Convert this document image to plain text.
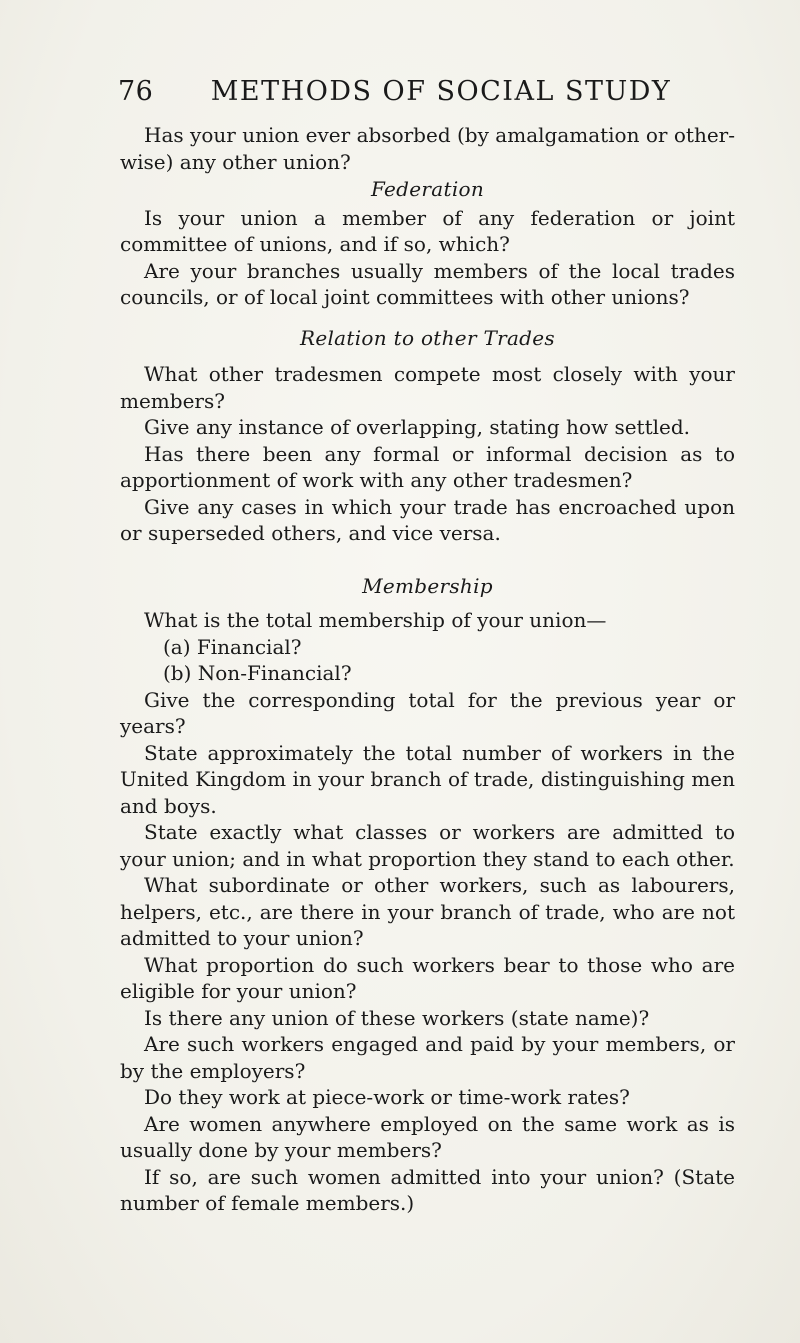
76	METHODS OF SOCIAL STUDY

Has your union ever absorbed (by amalgamation or otherwise) any other union?

Federation

Is your union a member of any federation or joint committee of unions, and if so, which?

Are your branches usually members of the local trades councils, or of local joint committees with other unions?

Relation to other Trades

What other tradesmen compete most closely with your members?

Give any instance of overlapping, stating how settled.

Has there been any formal or informal decision as to apportionment of work with any other tradesmen?

Give any cases in which your trade has encroached upon or superseded others, and vice versa.

Membership

What is the total membership of your union—

(a) Financial?

(b) Non-Financial?

Give the corresponding total for the previous year or years?

State approximately the total number of workers in the United Kingdom in your branch of trade, distinguishing men and boys.

State exactly what classes or workers are admitted to your union; and in what proportion they stand to each other.

What subordinate or other workers, such as labourers, helpers, etc., are there in your branch of trade, who are not admitted to your union?

What proportion do such workers bear to those who are eligible for your union?

Is there any union of these workers (state name)?

Are such workers engaged and paid by your members, or by the employers?

Do they work at piece-work or time-work rates?

Are women anywhere employed on the same work as is usually done by your members?

If so, are such women admitted into your union? (State number of female members.)
